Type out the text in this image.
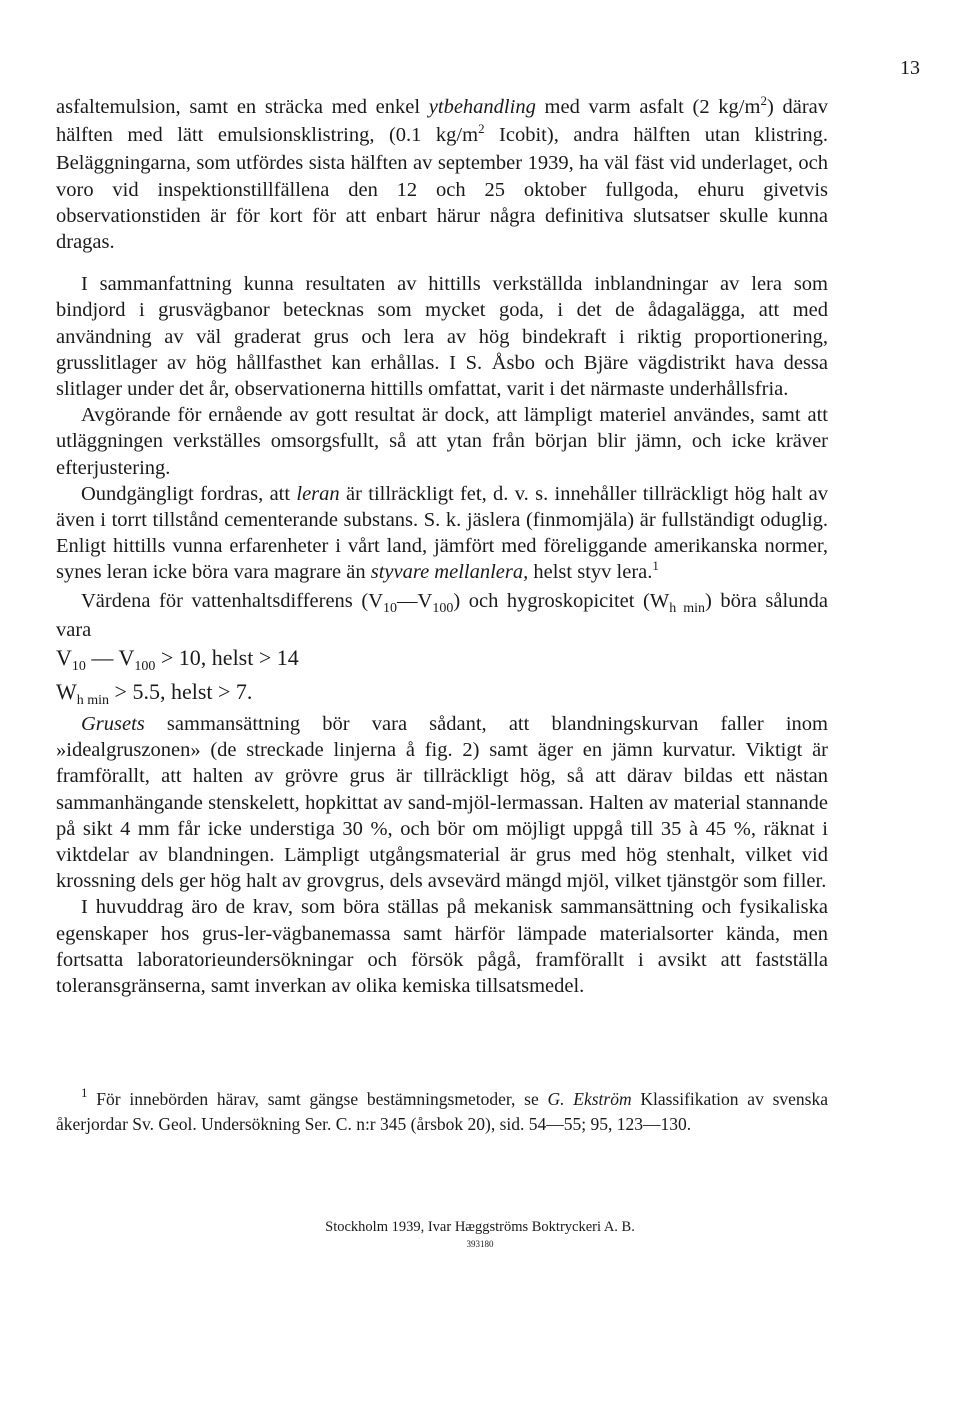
13

asfaltemulsion, samt en sträcka med enkel ytbehandling med varm asfalt (2 $kg/m^2$) därav hälften med lätt emulsionsklistring, (0.1 $kg/m^2$ Icobit), andra hälften utan klistring. Beläggningarna, som utfördes sista hälften av september 1939, ha väl fäst vid underlaget, och voro vid inspektionstillfällena den 12 och 25 oktober fullgoda, ehuru givetvis observationstiden är för kort för att enbart härur några definitiva slutsatser skulle kunna dragas.

I sammanfattning kunna resultaten av hittills verkställda inblandningar av lera som bindjord i grusvägbanor betecknas som mycket goda, i det de ådagalägga, att med användning av väl graderat grus och lera av hög bindekraft i riktig proportionering, grusslitlager av hög hållfasthet kan erhållas. I S. Åsbo och Bjäre vägdistrikt hava dessa slitlager under det år, observationerna hittills omfattat, varit i det närmaste underhållsfria.

Avgörande för ernående av gott resultat är dock, att lämpligt materiel användes, samt att utläggningen verkställes omsorgsfullt, så att ytan från början blir jämn, och icke kräver efterjustering.

Oundgängligt fordras, att leran är tillräckligt fet, d. v. s. innehåller tillräckligt hög halt av även i torrt tillstånd cementerande substans. S. k. jäslera (finmomjäla) är fullständigt oduglig. Enligt hittills vunna erfarenheter i vårt land, jämfört med föreliggande amerikanska normer, synes leran icke böra vara magrare än styvare mellanlera, helst styv lera.$^1$

Värdena för vattenhaltsdifferens $(V_{10}—V_{100})$ och hygroskopicitet $(W_{h min})$ böra sålunda vara

$V_{10}$ — $V_{100} > 10$, helst > 14

$W_{h min} > 5.5$, helst > 7.

Grusets sammansättning bör vara sådant, att blandningskurvan faller inom »idealgruszonen» (de streckade linjerna å fig. 2) samt äger en jämn kurvatur. Viktigt är framförallt, att halten av grövre grus är tillräckligt hög, så att därav bildas ett nästan sammanhängande stenskelett, hopkittat av sand-mjöl-lermassan. Halten av material stannande på sikt 4 mm får icke understiga 30 %, och bör om möjligt uppgå till 35 à 45 %, räknat i viktdelar av blandningen. Lämpligt utgångsmaterial är grus med hög stenhalt, vilket vid krossning dels ger hög halt av grovgrus, dels avsevärd mängd mjöl, vilket tjänstgör som filler.

I huvuddrag äro de krav, som böra ställas på mekanisk sammansättning och fysikaliska egenskaper hos grus-ler-vägbanemassa samt härför lämpade materialsorter kända, men fortsatta laboratorieundersökningar och försök pågå, framförallt i avsikt att fastställa toleransgränserna, samt inverkan av olika kemiska tillsatsmedel.

$^1$ För innebörden härav, samt gängse bestämningsmetoder, se G. Ekström Klassifikation av svenska åkerjordar Sv. Geol. Undersökning Ser. C. n:r 345 (årsbok 20), sid. 54—55; 95, 123—130.

Stockholm 1939, Ivar Hæggströms Boktryckeri A. B.

393180
